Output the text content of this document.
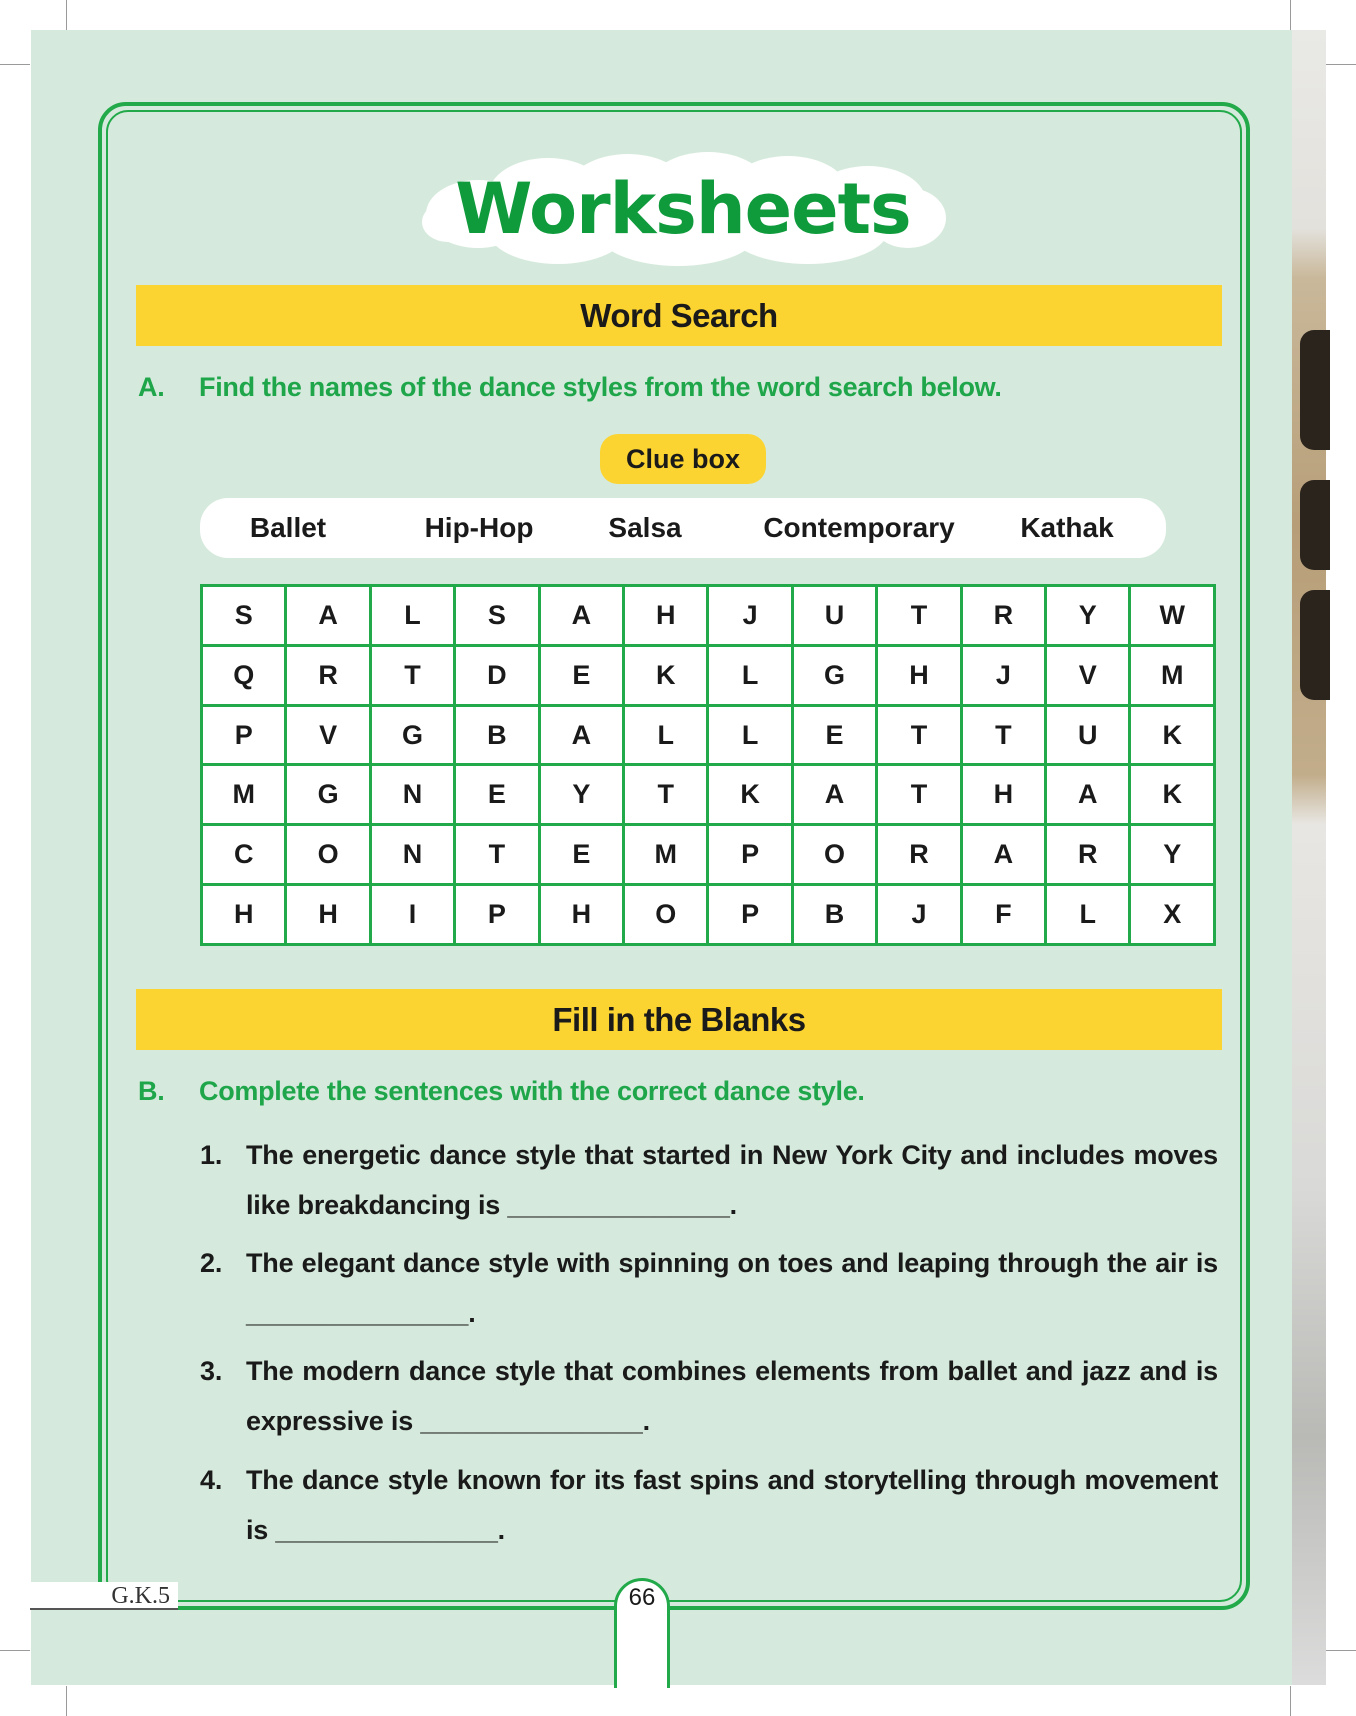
Worksheets
Word Search
A. Find the names of the dance styles from the word search below.
Clue box
Ballet	Hip-Hop	Salsa	Contemporary Kathak
S	A	L	S	A	H	J	U	T	R	Y	W
Q	R	T	D	E	K	L	G	H	J	V	M
P	V	G	B	A	L	L	E	T	T	U	K
M	G	N	E	Y	T	K	A	T	H	A	K
C	O	N	T	E	M	P	O	R	A	R	Y
H	H	I	P	H	O	P	B	J	F	L	X
Fill in the Blanks
B. Complete the sentences with the correct dance style.
1. The energetic dance style that started in New York City and includes moves like breakdancing is _______________.
2. The elegant dance style with spinning on toes and leaping through the air is _______________.
3. The modern dance style that combines elements from ballet and jazz and is expressive is _______________.
4. The dance style known for its fast spins and storytelling through movement is _______________.
G.K.5	66
